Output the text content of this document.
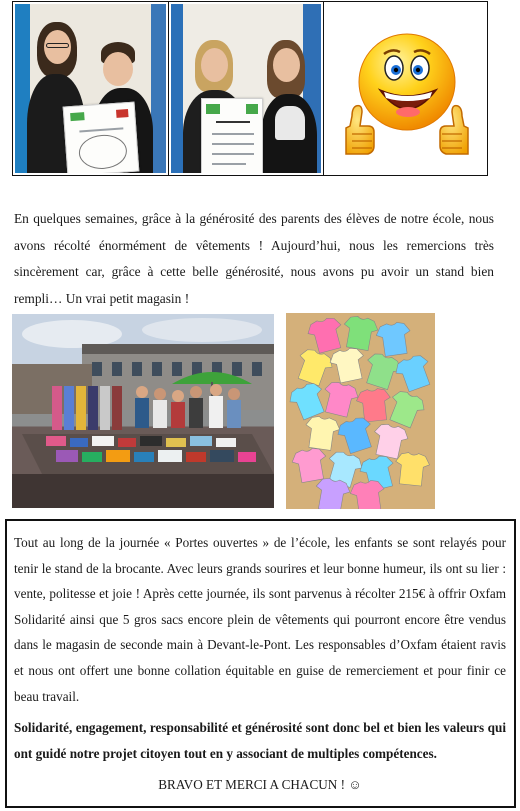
En quelques semaines, grâce à la générosité des parents des élèves de notre école, nous avons récolté énormément de vêtements ! Aujourd’hui, nous les remercions très sincèrement car, grâce à cette belle générosité, nous avons pu avoir un stand bien rempli… Un vrai petit magasin !

Tout au long de la journée « Portes ouvertes » de l’école, les enfants se sont relayés pour tenir le stand de la brocante. Avec leurs grands sourires et leur bonne humeur, ils ont su lier : vente, politesse et joie ! Après cette journée, ils sont parvenus à récolter 215€ à offrir Oxfam Solidarité ainsi que 5 gros sacs encore plein de vêtements qui pourront encore être vendus dans le magasin de seconde main à Devant-le-Pont. Les responsables d’Oxfam étaient ravis et nous ont offert une bonne collation équitable en guise de remerciement et pour finir ce beau travail.

Solidarité, engagement, responsabilité et générosité sont donc bel et bien les valeurs qui ont guidé notre projet citoyen tout en y associant de multiples compétences.

BRAVO ET MERCI A CHACUN ! ☺
